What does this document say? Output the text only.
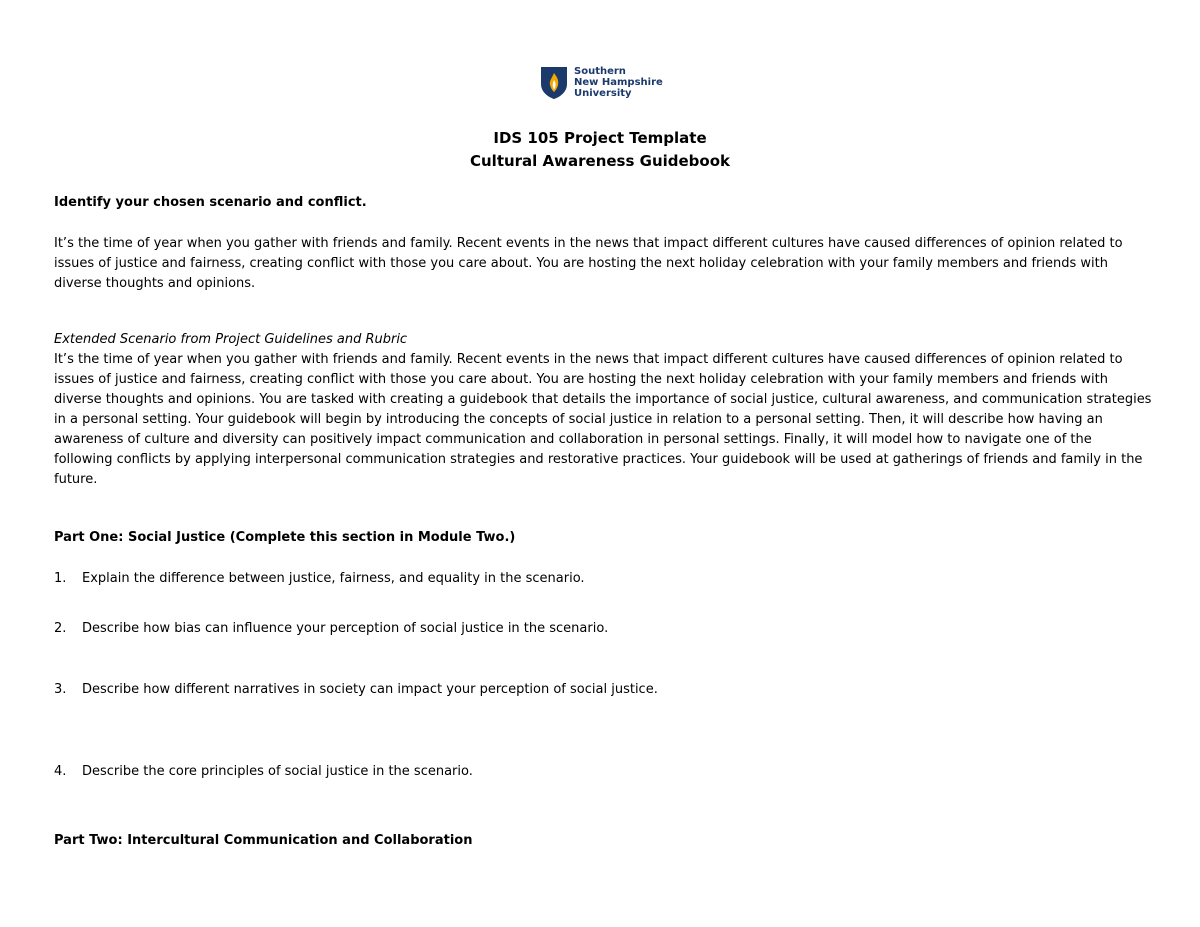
Southern
New Hampshire
University
IDS 105 Project Template
Cultural Awareness Guidebook
Identify your chosen scenario and conflict.
It’s the time of year when you gather with friends and family. Recent events in the news that impact different cultures have caused differences of opinion related to issues of justice and fairness, creating conflict with those you care about. You are hosting the next holiday celebration with your family members and friends with diverse thoughts and opinions.
Extended Scenario from Project Guidelines and Rubric
It’s the time of year when you gather with friends and family. Recent events in the news that impact different cultures have caused differences of opinion related to issues of justice and fairness, creating conflict with those you care about. You are hosting the next holiday celebration with your family members and friends with diverse thoughts and opinions. You are tasked with creating a guidebook that details the importance of social justice, cultural awareness, and communication strategies in a personal setting. Your guidebook will begin by introducing the concepts of social justice in relation to a personal setting. Then, it will describe how having an awareness of culture and diversity can positively impact communication and collaboration in personal settings. Finally, it will model how to navigate one of the following conflicts by applying interpersonal communication strategies and restorative practices. Your guidebook will be used at gatherings of friends and family in the future.
Part One: Social Justice (Complete this section in Module Two.)
1.	Explain the difference between justice, fairness, and equality in the scenario.
2.	Describe how bias can influence your perception of social justice in the scenario.
3.	Describe how different narratives in society can impact your perception of social justice.
4.	Describe the core principles of social justice in the scenario.
Part Two: Intercultural Communication and Collaboration
